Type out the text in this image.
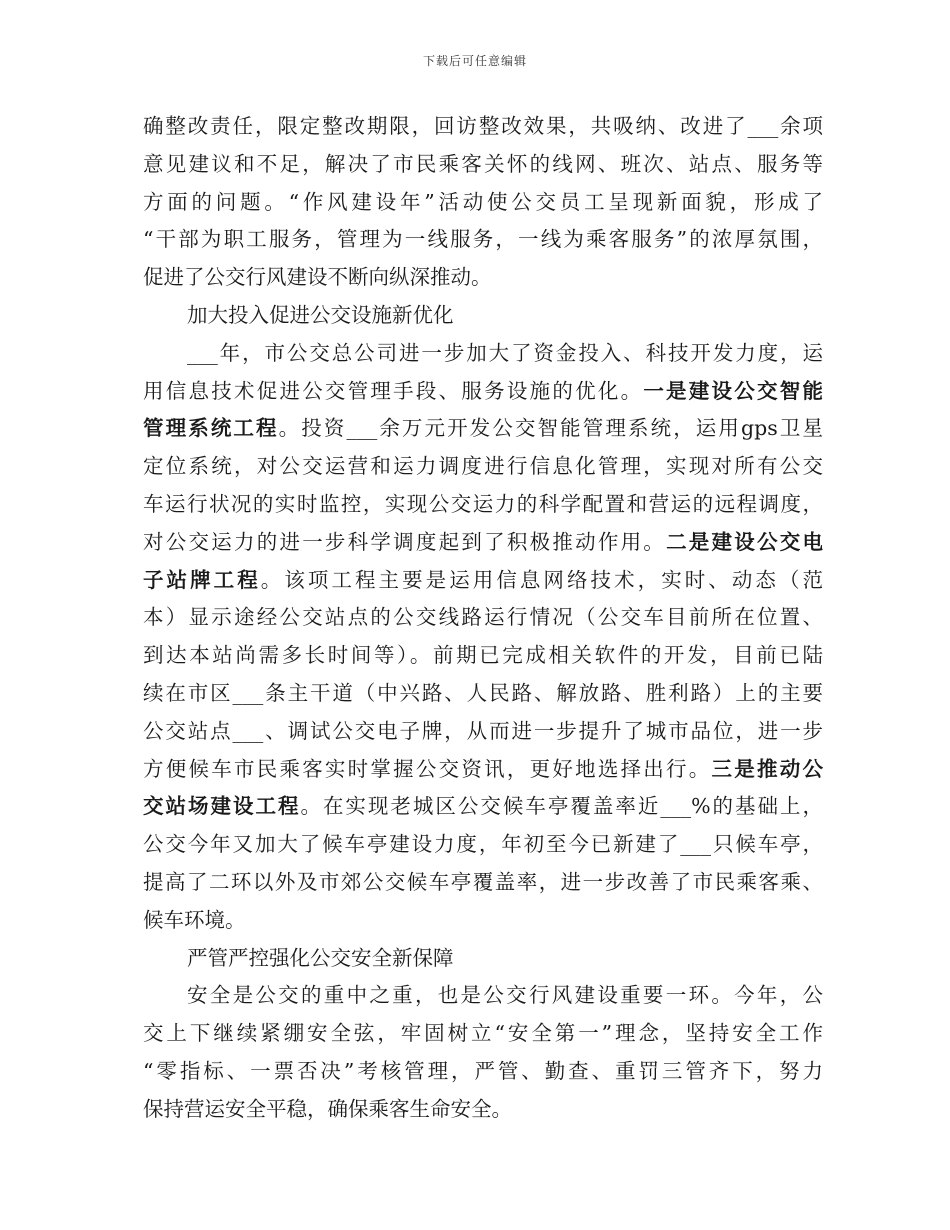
下载后可任意编辑
确整改责任，限定整改期限，回访整改效果，共吸纳、改进了___余项
意见建议和不足，解决了市民乘客关怀的线网、班次、站点、服务等
方面的问题。“作风建设年”活动使公交员工呈现新面貌，形成了
“干部为职工服务，管理为一线服务，一线为乘客服务”的浓厚氛围，
促进了公交行风建设不断向纵深推动。
加大投入促进公交设施新优化
___年，市公交总公司进一步加大了资金投入、科技开发力度，运
用信息技术促进公交管理手段、服务设施的优化。一是建设公交智能
管理系统工程。投资___余万元开发公交智能管理系统，运用gps卫星
定位系统，对公交运营和运力调度进行信息化管理，实现对所有公交
车运行状况的实时监控，实现公交运力的科学配置和营运的远程调度，
对公交运力的进一步科学调度起到了积极推动作用。二是建设公交电
子站牌工程。该项工程主要是运用信息网络技术，实时、动态（范
本）显示途经公交站点的公交线路运行情况（公交车目前所在位置、
到达本站尚需多长时间等）。前期已完成相关软件的开发，目前已陆
续在市区___条主干道（中兴路、人民路、解放路、胜利路）上的主要
公交站点___、调试公交电子牌，从而进一步提升了城市品位，进一步
方便候车市民乘客实时掌握公交资讯，更好地选择出行。三是推动公
交站场建设工程。在实现老城区公交候车亭覆盖率近___%的基础上，
公交今年又加大了候车亭建设力度，年初至今已新建了___只候车亭，
提高了二环以外及市郊公交候车亭覆盖率，进一步改善了市民乘客乘、
候车环境。
严管严控强化公交安全新保障
安全是公交的重中之重，也是公交行风建设重要一环。今年，公
交上下继续紧绷安全弦，牢固树立“安全第一”理念，坚持安全工作
“零指标、一票否决”考核管理，严管、勤查、重罚三管齐下，努力
保持营运安全平稳，确保乘客生命安全。
